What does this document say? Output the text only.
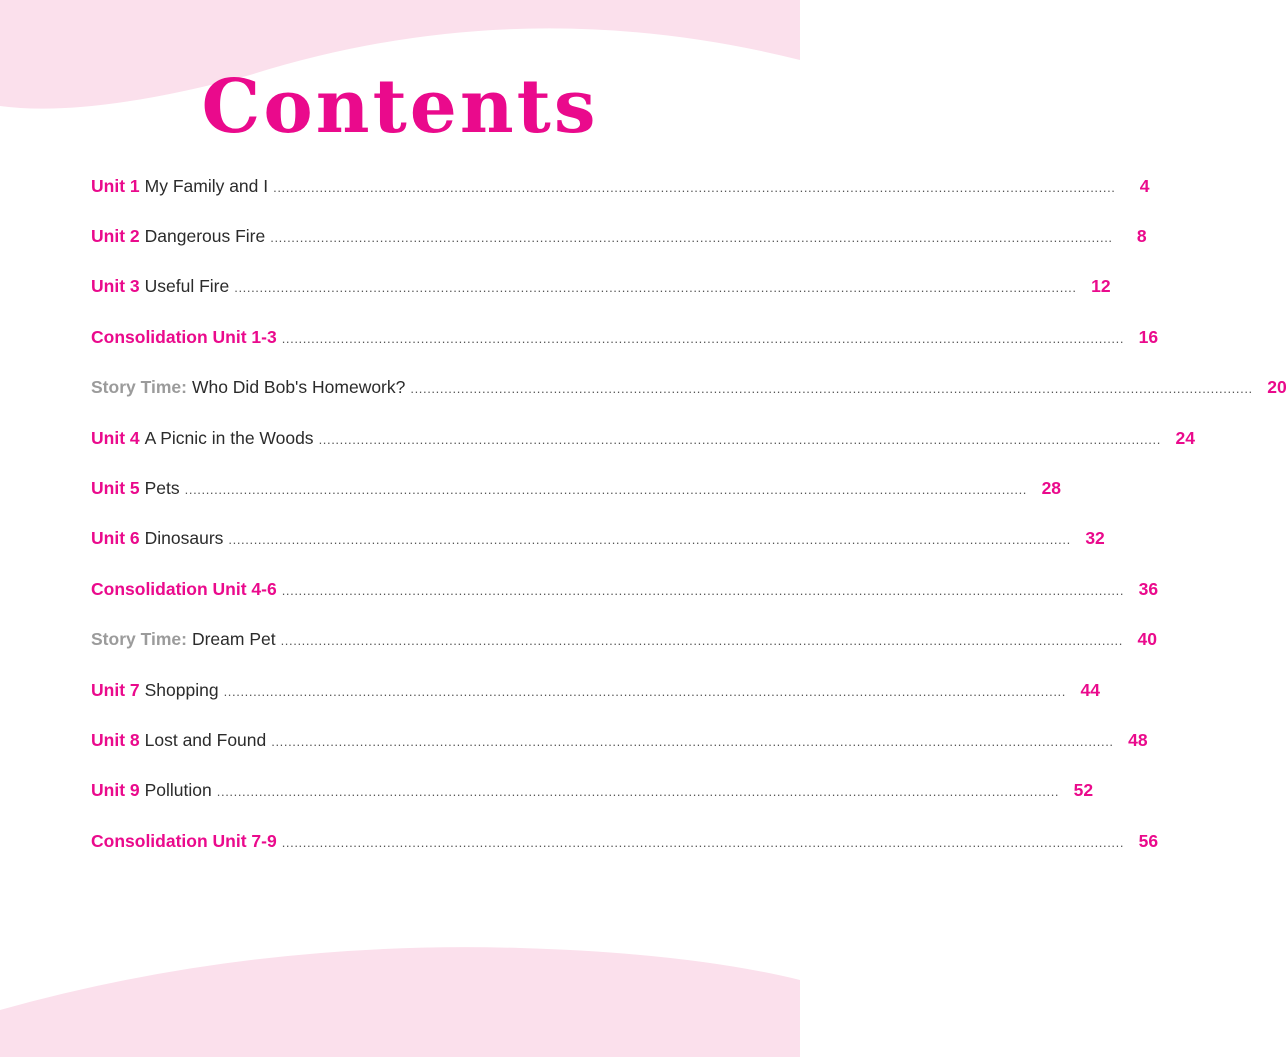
Contents
Unit 1 My Family and I ........................................................................................................................................................................................................	4
Unit 2 Dangerous Fire ........................................................................................................................................................................................................	8
Unit 3 Useful Fire ........................................................................................................................................................................................................ 12
Consolidation Unit 1-3 ........................................................................................................................................................................................................ 16
Story Time: Who Did Bob's Homework? ........................................................................................................................................................................................................ 20
Unit 4 A Picnic in the Woods ........................................................................................................................................................................................................ 24
Unit 5 Pets ........................................................................................................................................................................................................ 28
Unit 6 Dinosaurs ........................................................................................................................................................................................................ 32
Consolidation Unit 4-6 ........................................................................................................................................................................................................ 36
Story Time: Dream Pet ........................................................................................................................................................................................................ 40
Unit 7 Shopping ........................................................................................................................................................................................................ 44
Unit 8 Lost and Found ........................................................................................................................................................................................................ 48
Unit 9 Pollution ........................................................................................................................................................................................................ 52
Consolidation Unit 7-9 ........................................................................................................................................................................................................ 56
